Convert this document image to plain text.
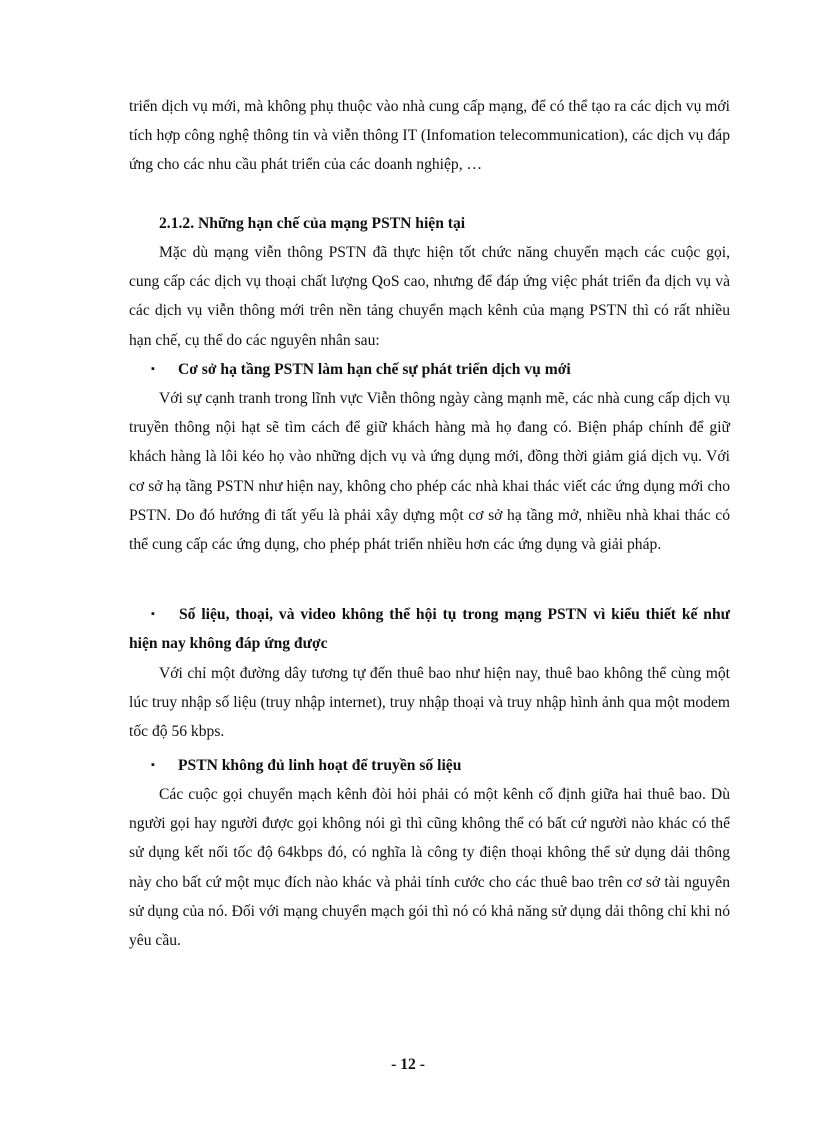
triển dịch vụ mới, mà không phụ thuộc vào nhà cung cấp mạng, để có thể tạo ra các dịch vụ mới tích hợp công nghệ thông tin và viễn thông IT (Infomation telecommunication), các dịch vụ đáp ứng cho các nhu cầu phát triển của các doanh nghiệp, …

2.1.2. Những hạn chế của mạng PSTN hiện tại

Mặc dù mạng viễn thông PSTN đã thực hiện tốt chức năng chuyển mạch các cuộc gọi, cung cấp các dịch vụ thoại chất lượng QoS cao, nhưng để đáp ứng việc phát triển đa dịch vụ và các dịch vụ viễn thông mới trên nền tảng chuyển mạch kênh của mạng PSTN thì có rất nhiều hạn chế, cụ thể do các nguyên nhân sau:

▪	Cơ sở hạ tầng PSTN làm hạn chế sự phát triển dịch vụ mới

Với sự cạnh tranh trong lĩnh vực Viễn thông ngày càng mạnh mẽ, các nhà cung cấp dịch vụ truyền thông nội hạt sẽ tìm cách để giữ khách hàng mà họ đang có. Biện pháp chính để giữ khách hàng là lôi kéo họ vào những dịch vụ và ứng dụng mới, đồng thời giảm giá dịch vụ. Với cơ sở hạ tầng PSTN như hiện nay, không cho phép các nhà khai thác viết các ứng dụng mới cho PSTN. Do đó hướng đi tất yếu là phải xây dựng một cơ sở hạ tầng mở, nhiều nhà khai thác có thể cung cấp các ứng dụng, cho phép phát triển nhiều hơn các ứng dụng và giải pháp.

▪	Số liệu, thoại, và video không thể hội tụ trong mạng PSTN vì kiểu thiết kế như hiện nay không đáp ứng được

Với chỉ một đường dây tương tự đến thuê bao như hiện nay, thuê bao không thể cùng một lúc truy nhập số liệu (truy nhập internet), truy nhập thoại và truy nhập hình ảnh qua một modem tốc độ 56 kbps.

▪	PSTN không đủ linh hoạt để truyền số liệu

Các cuộc gọi chuyển mạch kênh đòi hỏi phải có một kênh cố định giữa hai thuê bao. Dù người gọi hay người được gọi không nói gì thì cũng không thể có bất cứ người nào khác có thể sử dụng kết nối tốc độ 64kbps đó, có nghĩa là công ty điện thoại không thể sử dụng dải thông này cho bất cứ một mục đích nào khác và phải tính cước cho các thuê bao trên cơ sở tài nguyên sử dụng của nó. Đối với mạng chuyển mạch gói thì nó có khả năng sử dụng dải thông chỉ khi nó yêu cầu.

- 12 -
